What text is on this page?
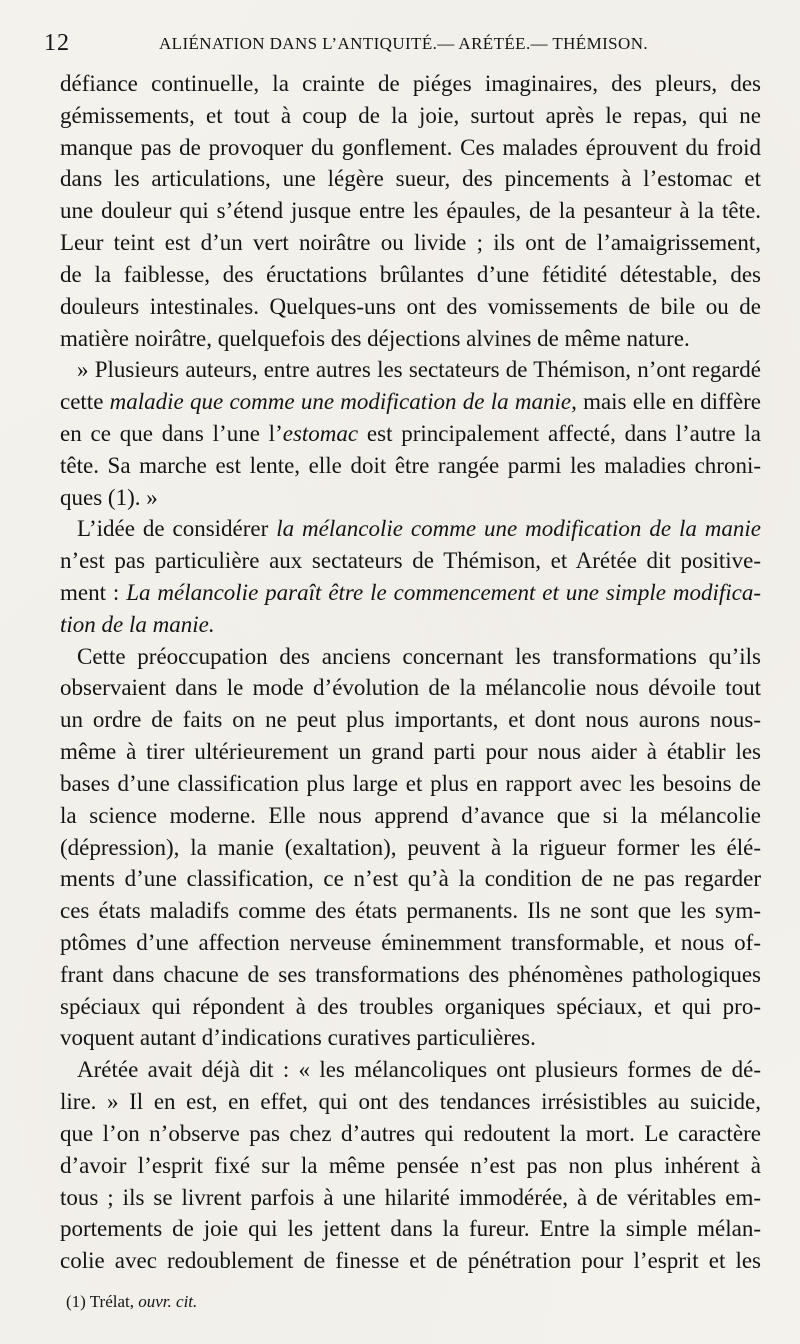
12	ALIÉNATION DANS L’ANTIQUITÉ.— ARÉTÉE.— THÉMISON.
défiance continuelle, la crainte de piéges imaginaires, des pleurs, des
gémissements, et tout à coup de la joie, surtout après le repas, qui ne
manque pas de provoquer du gonflement. Ces malades éprouvent du froid
dans les articulations, une légère sueur, des pincements à l’estomac et
une douleur qui s’étend jusque entre les épaules, de la pesanteur à la tête.
Leur teint est d’un vert noirâtre ou livide ; ils ont de l’amaigrissement,
de la faiblesse, des éructations brûlantes d’une fétidité détestable, des
douleurs intestinales. Quelques-uns ont des vomissements de bile ou de
matière noirâtre, quelquefois des déjections alvines de même nature.
» Plusieurs auteurs, entre autres les sectateurs de Thémison, n’ont regardé
cette maladie que comme une modification de la manie, mais elle en diffère
en ce que dans l’une l’estomac est principalement affecté, dans l’autre la
tête. Sa marche est lente, elle doit être rangée parmi les maladies chroni-
ques (1). »
L’idée de considérer la mélancolie comme une modification de la manie
n’est pas particulière aux sectateurs de Thémison, et Arétée dit positive-
ment : La mélancolie paraît être le commencement et une simple modifica-
tion de la manie.
Cette préoccupation des anciens concernant les transformations qu’ils
observaient dans le mode d’évolution de la mélancolie nous dévoile tout
un ordre de faits on ne peut plus importants, et dont nous aurons nous-
même à tirer ultérieurement un grand parti pour nous aider à établir les
bases d’une classification plus large et plus en rapport avec les besoins de
la science moderne. Elle nous apprend d’avance que si la mélancolie
(dépression), la manie (exaltation), peuvent à la rigueur former les élé-
ments d’une classification, ce n’est qu’à la condition de ne pas regarder
ces états maladifs comme des états permanents. Ils ne sont que les sym-
ptômes d’une affection nerveuse éminemment transformable, et nous of-
frant dans chacune de ses transformations des phénomènes pathologiques
spéciaux qui répondent à des troubles organiques spéciaux, et qui pro-
voquent autant d’indications curatives particulières.
Arétée avait déjà dit : « les mélancoliques ont plusieurs formes de dé-
lire. » Il en est, en effet, qui ont des tendances irrésistibles au suicide,
que l’on n’observe pas chez d’autres qui redoutent la mort. Le caractère
d’avoir l’esprit fixé sur la même pensée n’est pas non plus inhérent à
tous ; ils se livrent parfois à une hilarité immodérée, à de véritables em-
portements de joie qui les jettent dans la fureur. Entre la simple mélan-
colie avec redoublement de finesse et de pénétration pour l’esprit et les
(1) Trélat, ouvr. cit.
